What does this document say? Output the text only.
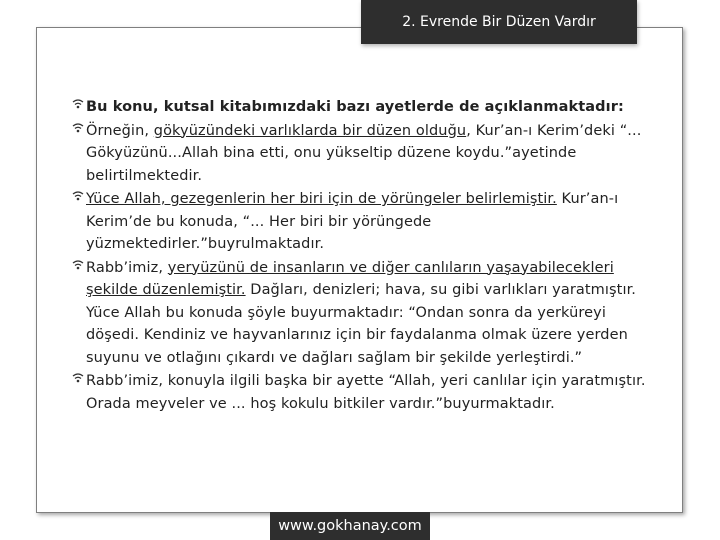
2. Evrende Bir Düzen Vardır
Bu konu, kutsal kitabımızdaki bazı ayetlerde de açıklanmaktadır:
Örneğin, gökyüzündeki varlıklarda bir düzen olduğu, Kur’an-ı Kerim’deki “... Gökyüzünü...Allah bina etti, onu yükseltip düzene koydu.”ayetinde belirtilmektedir.
Yüce Allah, gezegenlerin her biri için de yörüngeler belirlemiştir. Kur’an-ı Kerim’de bu konuda, “... Her biri bir yörüngede yüzmektedirler.”buyrulmaktadır.
Rabb’imiz, yeryüzünü de insanların ve diğer canlıların yaşayabilecekleri şekilde düzenlemiştir. Dağları, denizleri; hava, su gibi varlıkları yaratmıştır. Yüce Allah bu konuda şöyle buyurmaktadır: “Ondan sonra da yerküreyi döşedi. Kendiniz ve hayvanlarınız için bir faydalanma olmak üzere yerden suyunu ve otlağını çıkardı ve dağları sağlam bir şekilde yerleştirdi.”
Rabb’imiz, konuyla ilgili başka bir ayette “Allah, yeri canlılar için yaratmıştır. Orada meyveler ve ... hoş kokulu bitkiler vardır.”buyurmaktadır.
www.gokhanay.com
